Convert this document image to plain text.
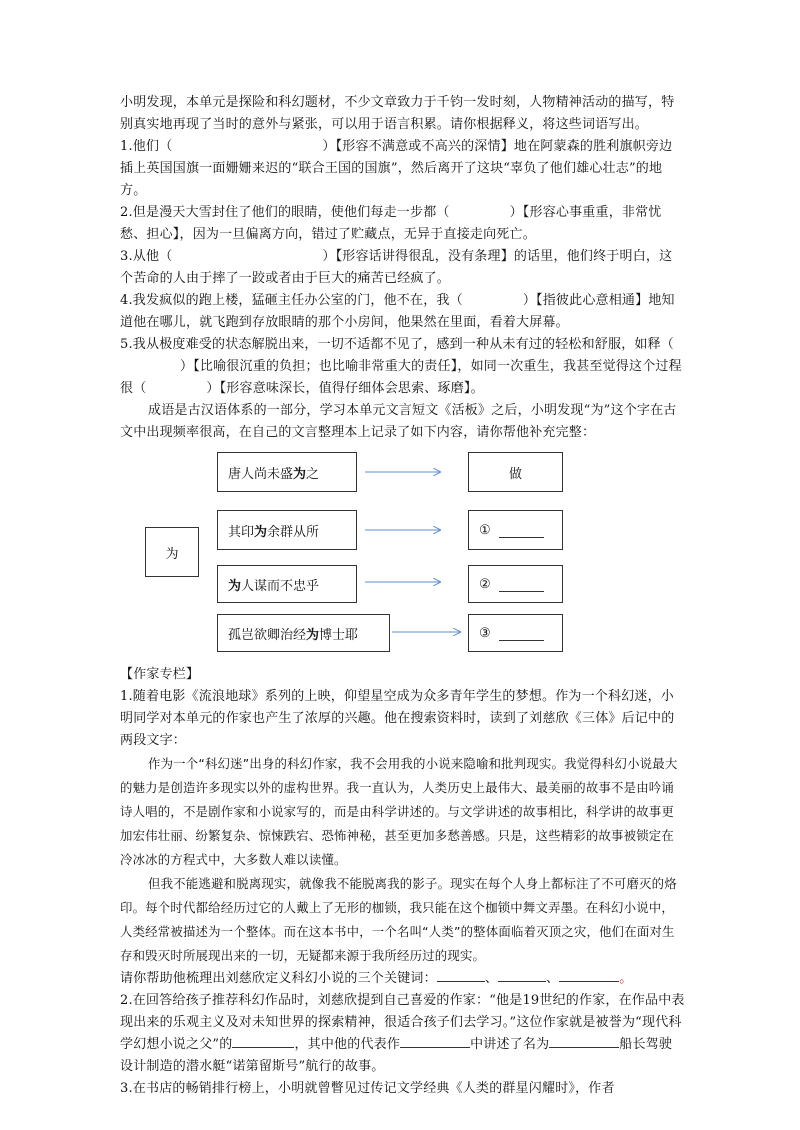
小明发现，本单元是探险和科幻题材，不少文章致力于千钧一发时刻，人物精神活动的描写，特别真实地再现了当时的意外与紧张，可以用于语言积累。请你根据释义，将这些词语写出。

1.他们（	）【形容不满意或不高兴的深情】地在阿蒙森的胜利旗帜旁边插上英国国旗一面姗姗来迟的“联合王国的国旗”，然后离开了这块“辜负了他们雄心壮志”的地方。

2.但是漫天大雪封住了他们的眼睛，使他们每走一步都（	）【形容心事重重，非常忧愁、担心】，因为一旦偏离方向，错过了贮藏点，无异于直接走向死亡。

3.从他（	）【形容话讲得很乱，没有条理】的话里，他们终于明白，这个苦命的人由于摔了一跤或者由于巨大的痛苦已经疯了。

4.我发疯似的跑上楼，猛砸主任办公室的门，他不在，我（	）【指彼此心意相通】地知道他在哪儿，就飞跑到存放眼睛的那个小房间，他果然在里面，看着大屏幕。

5.我从极度难受的状态解脱出来，一切不适都不见了，感到一种从未有过的轻松和舒服，如释（）【比喻很沉重的负担；也比喻非常重大的责任】，如同一次重生，我甚至觉得这个过程很（	）【形容意味深长，值得仔细体会思索、琢磨】。

成语是古汉语体系的一部分，学习本单元文言短文《活板》之后，小明发现“为”这个字在古文中出现频率很高，在自己的文言整理本上记录了如下内容，请你帮他补充完整：

为
唐人尚未盛 为 之
其印 为 余群从所
为 人谋而不忠乎
孤岂欲卿治经 为 博士耶
做
①
②
③

【作家专栏】

1.随着电影《流浪地球》系列的上映，仰望星空成为众多青年学生的梦想。作为一个科幻迷，小明同学对本单元的作家也产生了浓厚的兴趣。他在搜索资料时，读到了刘慈欣《三体》后记中的两段文字：

作为一个“科幻迷”出身的科幻作家，我不会用我的小说来隐喻和批判现实。我觉得科幻小说最大的魅力是创造许多现实以外的虚构世界。我一直认为，人类历史上最伟大、最美丽的故事不是由吟诵诗人唱的，不是剧作家和小说家写的，而是由科学讲述的。与文学讲述的故事相比，科学讲的故事更加宏伟壮丽、纷繁复杂、惊悚跌宕、恐怖神秘，甚至更加多愁善感。只是，这些精彩的故事被锁定在冷冰冰的方程式中，大多数人难以读懂。

但我不能逃避和脱离现实，就像我不能脱离我的影子。现实在每个人身上都标注了不可磨灭的烙印。每个时代都给经历过它的人戴上了无形的枷锁，我只能在这个枷锁中舞文弄墨。在科幻小说中，人类经常被描述为一个整体。而在这本书中，一个名叫“人类”的整体面临着灭顶之灾，他们在面对生存和毁灭时所展现出来的一切，无疑都来源于我所经历过的现实。

请你帮助他梳理出刘慈欣定义科幻小说的三个关键词：	、	、	。

2.在回答给孩子推荐科幻作品时，刘慈欣提到自己喜爱的作家：“他是19世纪的作家，在作品中表现出来的乐观主义及对未知世界的探索精神，很适合孩子们去学习。”这位作家就是被誉为“现代科学幻想小说之父”的	，其中他的代表作	中讲述了名为	船长驾驶设计制造的潜水艇“诺第留斯号”航行的故事。

3.在书店的畅销排行榜上，小明就曾瞥见过传记文学经典《人类的群星闪耀时》，作者
